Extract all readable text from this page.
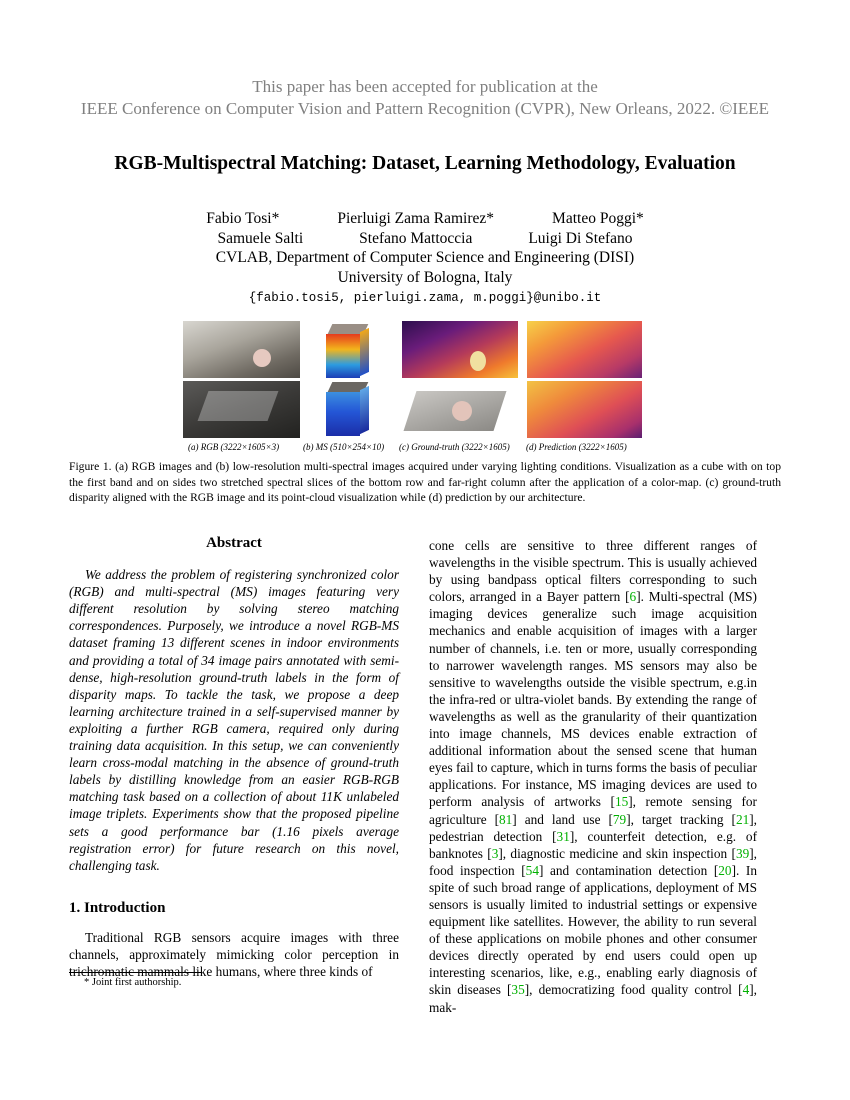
This paper has been accepted for publication at the
IEEE Conference on Computer Vision and Pattern Recognition (CVPR), New Orleans, 2022. ©IEEE
RGB-Multispectral Matching: Dataset, Learning Methodology, Evaluation
Fabio Tosi*	Pierluigi Zama Ramirez*	Matteo Poggi*
Samuele Salti	Stefano Mattoccia	Luigi Di Stefano
CVLAB, Department of Computer Science and Engineering (DISI)
University of Bologna, Italy
{fabio.tosi5, pierluigi.zama, m.poggi}@unibo.it
(a) RGB (3222×1605×3)	(b) MS (510×254×10) (c) Ground-truth (3222×1605) (d) Prediction (3222×1605)
Figure 1. (a) RGB images and (b) low-resolution multi-spectral images acquired under varying lighting conditions. Visualization as a cube with on top the first band and on sides two stretched spectral slices of the bottom row and far-right column after the application of a color-map. (c) ground-truth disparity aligned with the RGB image and its point-cloud visualization while (d) prediction by our architecture.
Abstract

We address the problem of registering synchronized color (RGB) and multi-spectral (MS) images featuring very different resolution by solving stereo matching correspondences. Purposely, we introduce a novel RGB-MS dataset framing 13 different scenes in indoor environments and providing a total of 34 image pairs annotated with semi-dense, high-resolution ground-truth labels in the form of disparity maps. To tackle the task, we propose a deep learning architecture trained in a self-supervised manner by exploiting a further RGB camera, required only during training data acquisition. In this setup, we can conveniently learn cross-modal matching in the absence of ground-truth labels by distilling knowledge from an easier RGB-RGB matching task based on a collection of about 11K unlabeled image triplets. Experiments show that the proposed pipeline sets a good performance bar (1.16 pixels average registration error) for future research on this novel, challenging task.

1. Introduction

Traditional RGB sensors acquire images with three channels, approximately mimicking color perception in trichromatic mammals like humans, where three kinds of

* Joint first authorship.

cone cells are sensitive to three different ranges of wavelengths in the visible spectrum. This is usually achieved by using bandpass optical filters corresponding to such colors, arranged in a Bayer pattern [6]. Multi-spectral (MS) imaging devices generalize such image acquisition mechanics and enable acquisition of images with a larger number of channels, i.e. ten or more, usually corresponding to narrower wavelength ranges. MS sensors may also be sensitive to wavelengths outside the visible spectrum, e.g.in the infra-red or ultra-violet bands. By extending the range of wavelengths as well as the granularity of their quantization into image channels, MS devices enable extraction of additional information about the sensed scene that human eyes fail to capture, which in turns forms the basis of peculiar applications. For instance, MS imaging devices are used to perform analysis of artworks [15], remote sensing for agriculture [81] and land use [79], target tracking [21], pedestrian detection [31], counterfeit detection, e.g. of banknotes [3], diagnostic medicine and skin inspection [39], food inspection [54] and contamination detection [20]. In spite of such broad range of applications, deployment of MS sensors is usually limited to industrial settings or expensive equipment like satellites. However, the ability to run several of these applications on mobile phones and other consumer devices directly operated by end users could open up interesting scenarios, like, e.g., enabling early diagnosis of skin diseases [35], democratizing food quality control [4], mak-
